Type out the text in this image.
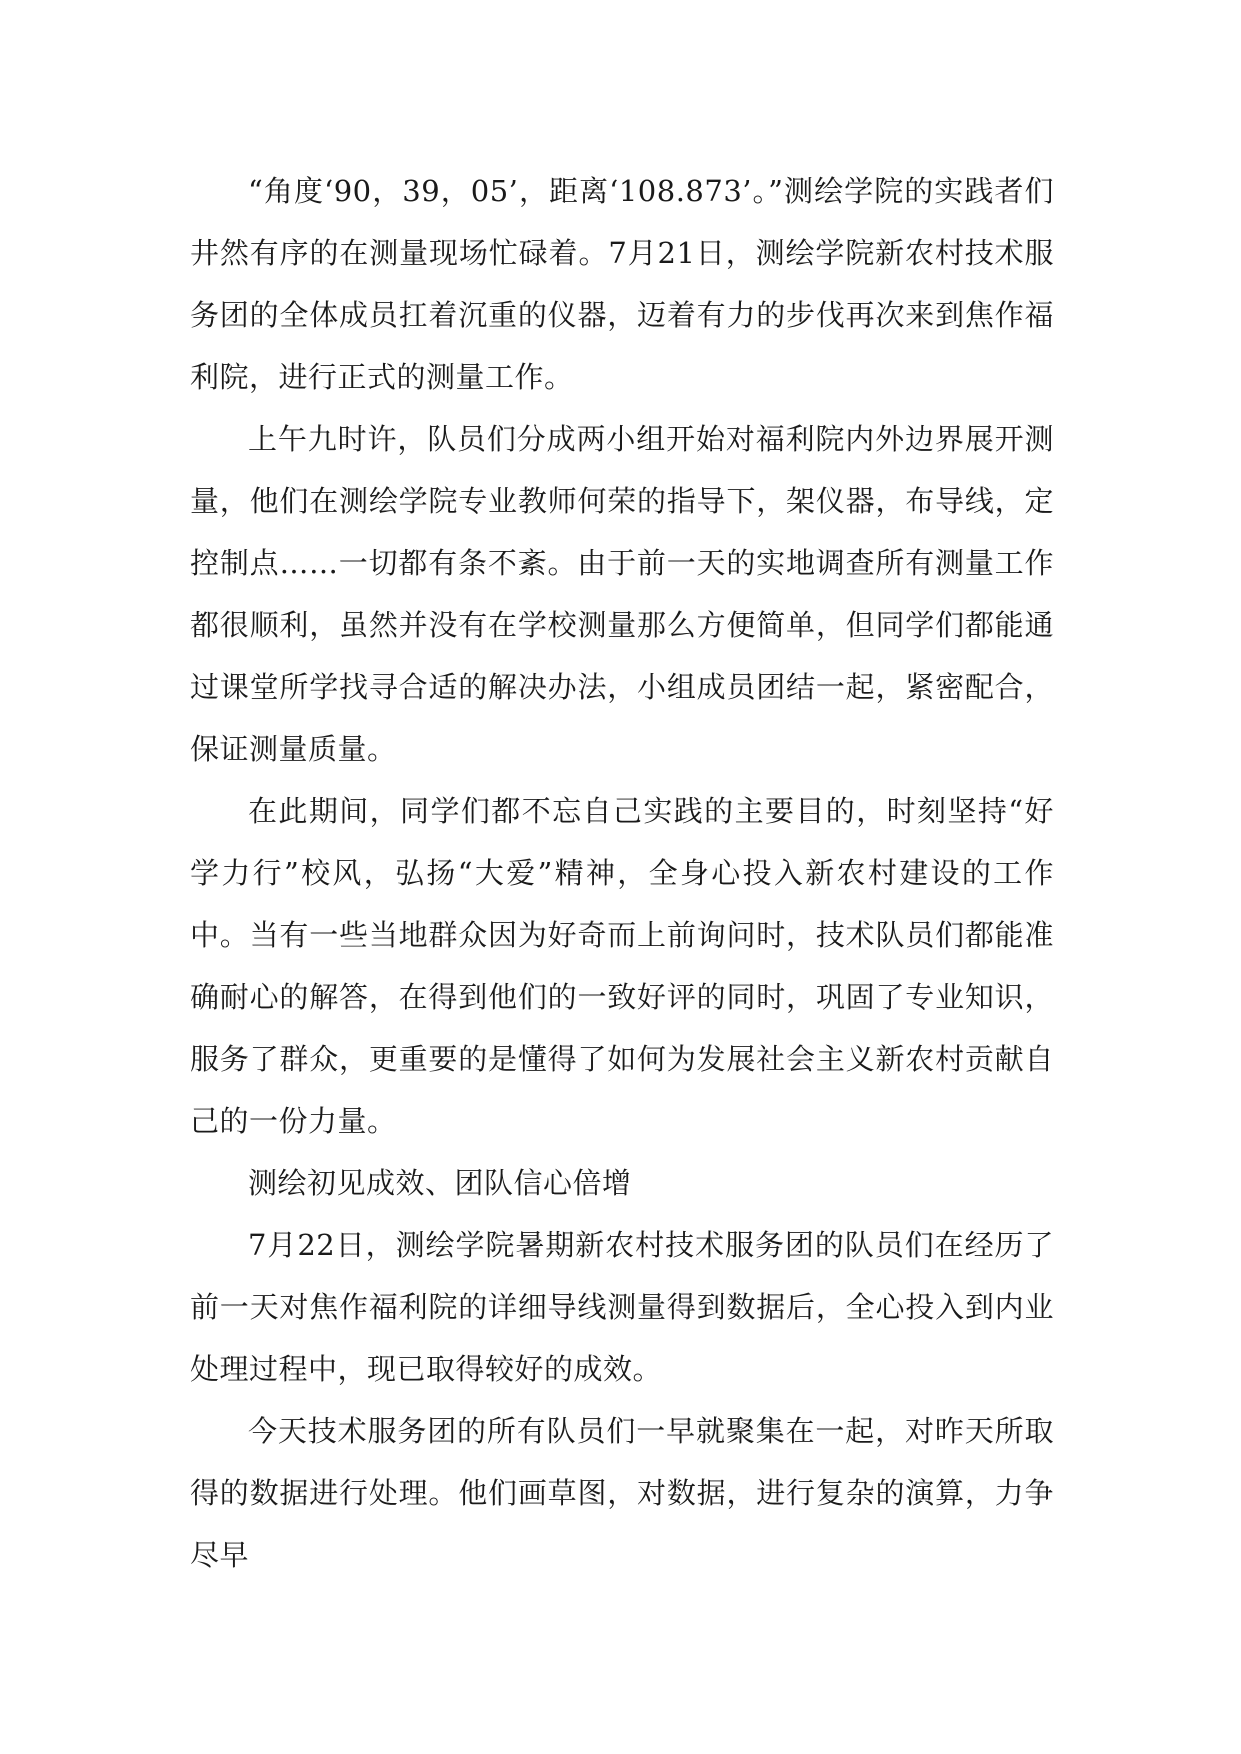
“角度‘90，39，05’，距离‘108.873’。”测绘学院的实践者们井然有序的在测量现场忙碌着。7月21日，测绘学院新农村技术服务团的全体成员扛着沉重的仪器，迈着有力的步伐再次来到焦作福利院，进行正式的测量工作。

上午九时许，队员们分成两小组开始对福利院内外边界展开测量，他们在测绘学院专业教师何荣的指导下，架仪器，布导线，定控制点……一切都有条不紊。由于前一天的实地调查所有测量工作都很顺利，虽然并没有在学校测量那么方便简单，但同学们都能通过课堂所学找寻合适的解决办法，小组成员团结一起，紧密配合，保证测量质量。

在此期间，同学们都不忘自己实践的主要目的，时刻坚持“好学力行”校风，弘扬“大爱”精神，全身心投入新农村建设的工作中。当有一些当地群众因为好奇而上前询问时，技术队员们都能准确耐心的解答，在得到他们的一致好评的同时，巩固了专业知识，服务了群众，更重要的是懂得了如何为发展社会主义新农村贡献自己的一份力量。

测绘初见成效、团队信心倍增

7月22日，测绘学院暑期新农村技术服务团的队员们在经历了前一天对焦作福利院的详细导线测量得到数据后，全心投入到内业处理过程中，现已取得较好的成效。

今天技术服务团的所有队员们一早就聚集在一起，对昨天所取得的数据进行处理。他们画草图，对数据，进行复杂的演算，力争尽早
